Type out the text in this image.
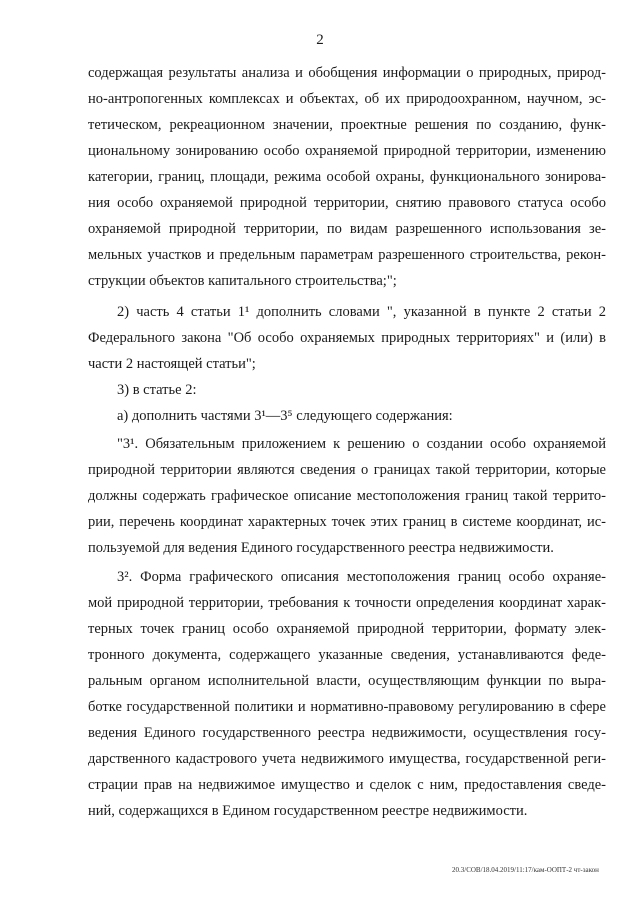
2
содержащая результаты анализа и обобщения информации о природных, природ-
но-антропогенных комплексах и объектах, об их природоохранном, научном, эс-
тетическом, рекреационном значении, проектные решения по созданию, функ-
циональному зонированию особо охраняемой природной территории, изменению
категории, границ, площади, режима особой охраны, функционального зонирова-
ния особо охраняемой природной территории, снятию правового статуса особо
охраняемой природной территории, по видам разрешенного использования зе-
мельных участков и предельным параметрам разрешенного строительства, рекон-
струкции объектов капитального строительства;";
2) часть 4 статьи 1¹ дополнить словами ", указанной в пункте 2 статьи 2
Федерального закона "Об особо охраняемых природных территориях" и (или) в
части 2 настоящей статьи";
3) в статье 2:
а) дополнить частями 3¹—3⁵ следующего содержания:
"3¹. Обязательным приложением к решению о создании особо охраняемой
природной территории являются сведения о границах такой территории, которые
должны содержать графическое описание местоположения границ такой террито-
рии, перечень координат характерных точек этих границ в системе координат, ис-
пользуемой для ведения Единого государственного реестра недвижимости.
3². Форма графического описания местоположения границ особо охраняе-
мой природной территории, требования к точности определения координат харак-
терных точек границ особо охраняемой природной территории, формату элек-
тронного документа, содержащего указанные сведения, устанавливаются феде-
ральным органом исполнительной власти, осуществляющим функции по выра-
ботке государственной политики и нормативно-правовому регулированию в сфере
ведения Единого государственного реестра недвижимости, осуществления госу-
дарственного кадастрового учета недвижимого имущества, государственной реги-
страции прав на недвижимое имущество и сделок с ним, предоставления сведе-
ний, содержащихся в Едином государственном реестре недвижимости.
20.3/СОВ/18.04.2019/11:17/кам-ООПТ-2 чт-закон
